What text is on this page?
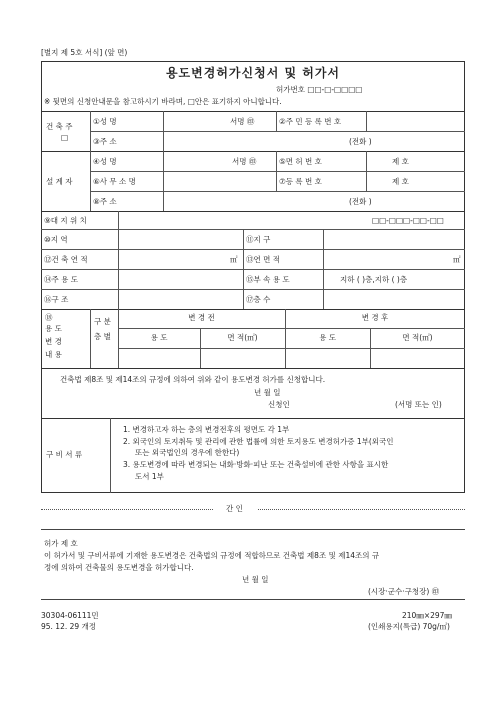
[별지 제 5호 서식] (앞 면)
용도변경허가신청서 및 허가서
허가번호 □□-□-□□□□
※ 뒷면의 신청안내문을 참고하시기 바라며, □안은 표기하지 아니합니다.
건 축 주
□
①성 명	서명 ㊞	②주 민 등 록 번 호
③주 소	(전화 )
설 계 자
④성 명	서명 ㊞	⑤면 허 번 호	제 호
⑥사 무 소 명	⑦등 록 번 호	제 호
⑧주 소	(전화 )
⑨대 지 위 치	□□-□□□-□□-□□
⑩지 역	⑪지 구
⑫건 축 연 적	㎡ ⑬연 면 적	㎡
⑭주 용 도	⑮부 속 용 도	지하 ( )층,지하 ( )층
⑯구 조	⑰층 수
⑱
용 도
변 경
내 용
구 분
층 별
변 경 전	변 경 후
용 도	면 적(㎡)	용 도	면 적(㎡)
건축법 제8조 및 제14조의 규정에 의하여 위와 같이 용도변경 허가를 신청합니다.
년 월 일
신청인	(서명 또는 인)
구 비 서 류
1. 변경하고자 하는 층의 변경전후의 평면도 각 1부
2. 외국인의 토지취득 및 관리에 관한 법률에 의한 토지용도 변경허가증 1부(외국인
또는 외국법인의 경우에 한한다)
3. 용도변경에 따라 변경되는 내화·방화·피난 또는 건축설비에 관한 사항을 표시한
도서 1부
간 인
허가 제 호
이 허가서 및 구비서류에 기재한 용도변경은 건축법의 규정에 적합하므로 건축법 제8조 및 제14조의 규
정에 의하여 건축물의 용도변경을 허가합니다.
년 월 일
(시장·군수·구청장) ㊞
30304-06111민	210㎜×297㎜
95. 12. 29 개정	(인쇄용지(특급) 70g/㎡)
